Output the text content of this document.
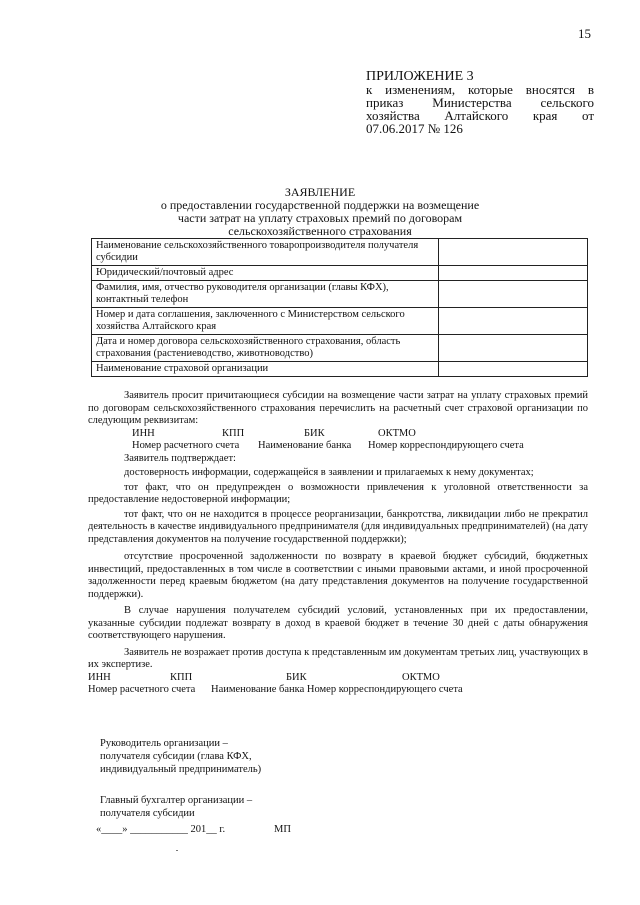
15
ПРИЛОЖЕНИЕ 3
к изменениям, которые вносятся в
приказ Министерства сельского
хозяйства Алтайского края от
07.06.2017 № 126
ЗАЯВЛЕНИЕ
о предоставлении государственной поддержки на возмещение
части затрат на уплату страховых премий по договорам
сельскохозяйственного страхования
Наименование сельскохозяйственного товаропроизводителя получателя субсидии	
Юридический/почтовый адрес	
Фамилия, имя, отчество руководителя организации (главы КФХ), контактный телефон	
Номер и дата соглашения, заключенного с Министерством сельского хозяйства Алтайского края	
Дата и номер договора сельскохозяйственного страхования, область страхования (растениеводство, животноводство)	
Наименование страховой организации	

Заявитель просит причитающиеся субсидии на возмещение части затрат на уплату страховых премий по договорам сельскохозяйственного страхования перечислить на расчетный счет страховой организации по следующим реквизитам:

ИНН	КПП	БИК	ОКТМО
Номер расчетного счета	Наименование банка	Номер корреспондирующего счета

Заявитель подтверждает:

достоверность информации, содержащейся в заявлении и прилагаемых к нему документах;

тот факт, что он предупрежден о возможности привлечения к уголовной ответственности за предоставление недостоверной информации;

тот факт, что он не находится в процессе реорганизации, банкротства, ликвидации либо не прекратил деятельность в качестве индивидуального предпринимателя (для индивидуальных предпринимателей) (на дату представления документов на получение государственной поддержки);

отсутствие просроченной задолженности по возврату в краевой бюджет субсидий, бюджетных инвестиций, предоставленных в том числе в соответствии с иными правовыми актами, и иной просроченной задолженности перед краевым бюджетом (на дату представления документов на получение государственной поддержки).

В случае нарушения получателем субсидий условий, установленных при их предоставлении, указанные субсидии подлежат возврату в доход в краевой бюджет в течение 30 дней с даты обнаружения соответствующего нарушения.

Заявитель не возражает против доступа к представленным им документам третьих лиц, участвующих в их экспертизе.

ИНН	КПП	БИК	ОКТМО
Номер расчетного счета      Наименование банка Номер корреспондирующего счета
Руководитель организации –
получателя субсидии (глава КФХ,
индивидуальный предприниматель)
Главный бухгалтер организации –
получателя субсидии
«____» ___________ 201__ г.	МП
